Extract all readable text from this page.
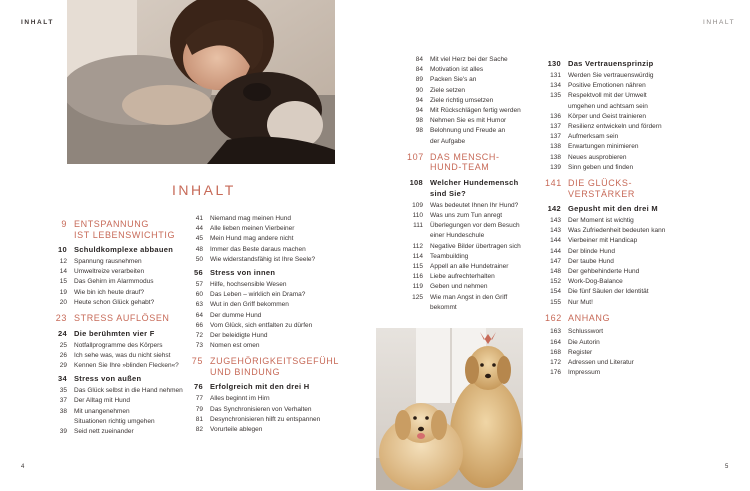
INHALT	INHALT
INHALT
9 ENTSPANNUNG
IST LEBENSWICHTIG
10 Schuldkomplexe abbauen
12	Spannung rausnehmen
14	Umweltreize verarbeiten
15	Das Gehirn im Alarmmodus
19	Wie bin ich heute drauf?
20	Heute schon Glück gehabt?
23 STRESS AUFLÖSEN
24 Die berühmten vier F
25	Notfallprogramme des Körpers
26	Ich sehe was, was du nicht siehst
29	Kennen Sie Ihre »blinden Flecken«?
34 Stress von außen
35	Das Glück selbst in die Hand nehmen
37	Der Alltag mit Hund
38	Mit unangenehmen
Situationen richtig umgehen
39	Seid nett zueinander
41	Niemand mag meinen Hund
44	Alle lieben meinen Vierbeiner
45	Mein Hund mag andere nicht
48	Immer das Beste daraus machen
50	Wie widerstandsfähig ist Ihre Seele?
56 Stress von innen
57	Hilfe, hochsensible Wesen
60	Das Leben – wirklich ein Drama?
63	Wut in den Griff bekommen
64	Der dumme Hund
66	Vom Glück, sich entfalten zu dürfen
72	Der beleidigte Hund
73	Nomen est omen
75 ZUGEHÖRIGKEITSGEFÜHL
UND BINDUNG
76 Erfolgreich mit den drei H
77	Alles beginnt im Hirn
79	Das Synchronisieren von Verhalten
81	Desynchronisieren hilft zu entspannen
82	Vorurteile ablegen
84	Mit viel Herz bei der Sache
84	Motivation ist alles
89	Packen Sie's an
90	Ziele setzen
94	Ziele richtig umsetzen
94	Mit Rückschlägen fertig werden
98	Nehmen Sie es mit Humor
98	Belohnung und Freude an
der Aufgabe
107 DAS MENSCH-
HUND-TEAM
108 Welcher Hundemensch
sind Sie?
109	Was bedeutet Ihnen Ihr Hund?
110	Was uns zum Tun anregt
111	Überlegungen vor dem Besuch
einer Hundeschule
112	Negative Bilder übertragen sich
114	Teambuilding
115	Appell an alle Hundetrainer
116	Liebe aufrechterhalten
119	Geben und nehmen
125	Wie man Angst in den Griff
bekommt
130 Das Vertrauensprinzip
131	Werden Sie vertrauenswürdig
134	Positive Emotionen nähren
135	Respektvoll mit der Umwelt
umgehen und achtsam sein
136	Körper und Geist trainieren
137	Resilienz entwickeln und fördern
137	Aufmerksam sein
138	Erwartungen minimieren
138	Neues ausprobieren
139	Sinn geben und finden
141 DIE GLÜCKS-
VERSTÄRKER
142 Gepusht mit den drei M
143	Der Moment ist wichtig
143	Was Zufriedenheit bedeuten kann
144	Vierbeiner mit Handicap
144	Der blinde Hund
147	Der taube Hund
148	Der gehbehinderte Hund
152	Work-Dog-Balance
154	Die fünf Säulen der Identität
155	Nur Mut!
162 ANHANG
163	Schlusswort
164	Die Autorin
168	Register
172	Adressen und Literatur
176	Impressum
4	5
